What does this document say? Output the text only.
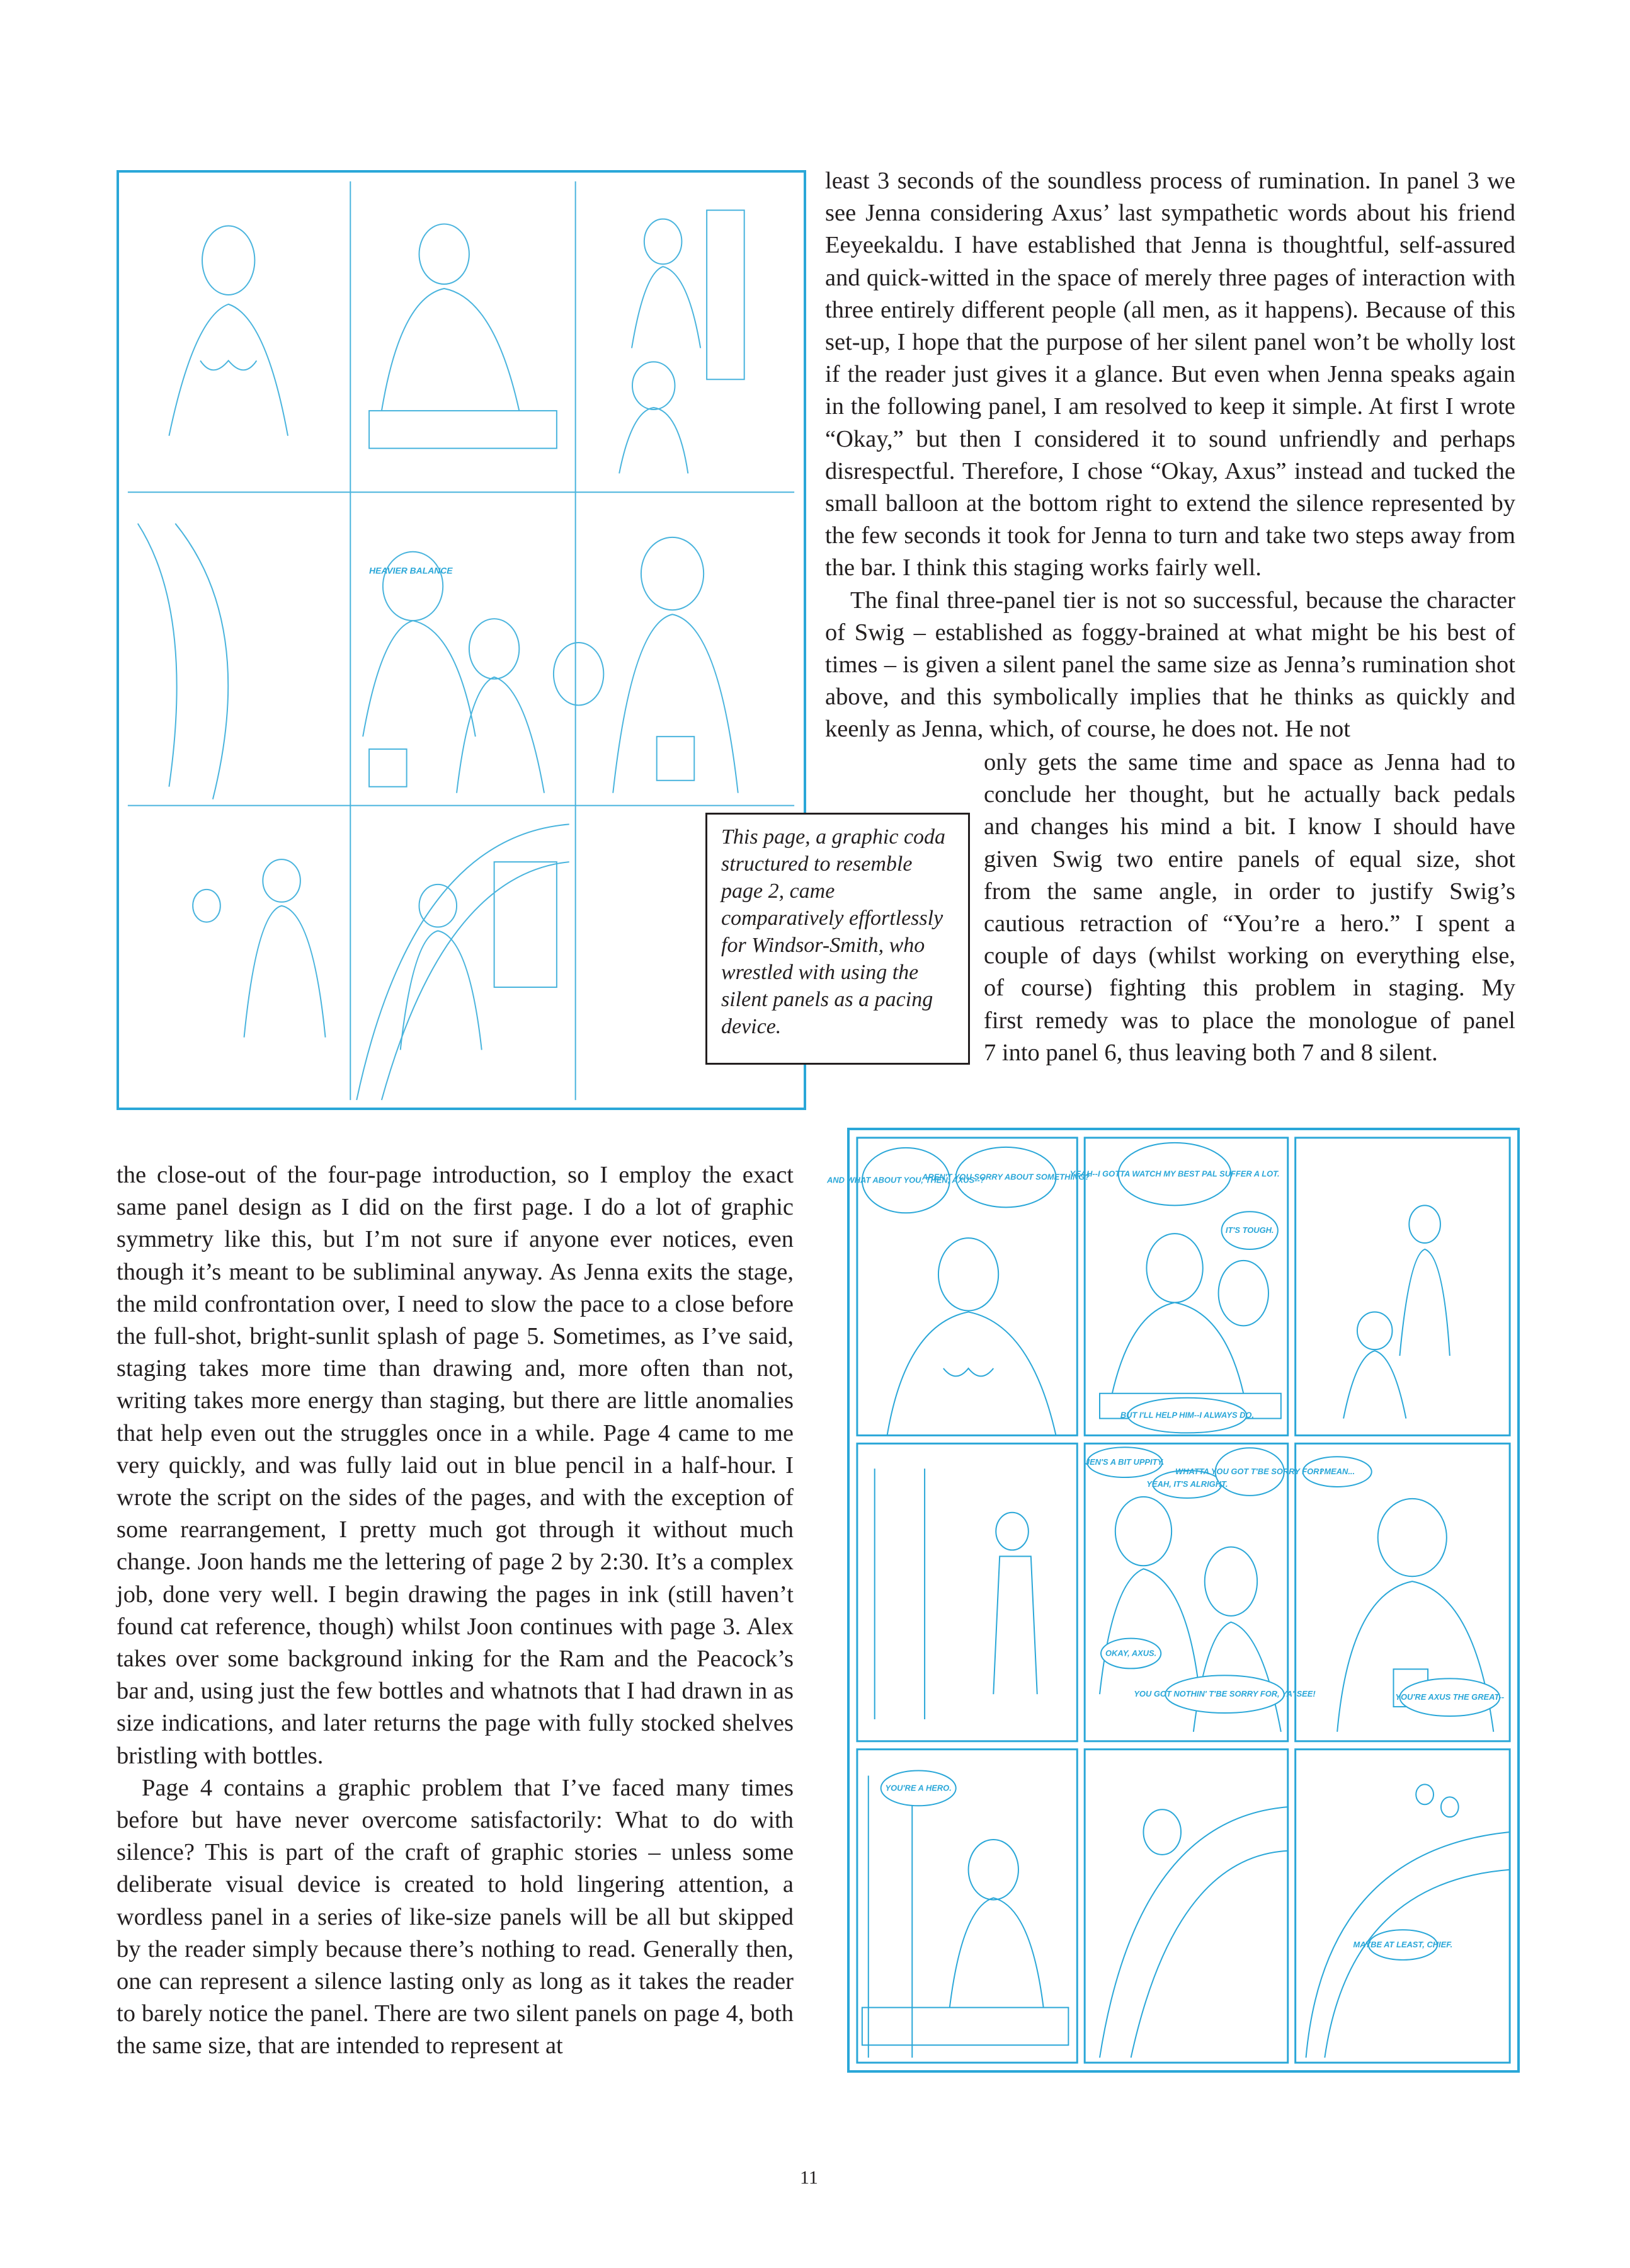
HEAVIER BALANCE
This page, a graphic coda structured to resemble page 2, came comparatively effortlessly for Windsor-Smith, who wrestled with using the silent panels as a pacing device.

least 3 seconds of the soundless process of rumination. In panel 3 we see Jenna considering Axus’ last sympathetic words about his friend Eeyeekaldu. I have established that Jenna is thoughtful, self-assured and quick-witted in the space of merely three pages of interaction with three entirely different people (all men, as it happens). Because of this set-up, I hope that the purpose of her silent panel won’t be wholly lost if the reader just gives it a glance. But even when Jenna speaks again in the following panel, I am resolved to keep it simple. At first I wrote “Okay,” but then I considered it to sound unfriendly and perhaps disrespectful. Therefore, I chose “Okay, Axus” instead and tucked the small balloon at the bottom right to extend the silence represented by the few seconds it took for Jenna to turn and take two steps away from the bar. I think this staging works fairly well.

The final three-panel tier is not so successful, because the character of Swig – established as foggy-brained at what might be his best of times – is given a silent panel the same size as Jenna’s rumination shot above, and this symbolically implies that he thinks as quickly and keenly as Jenna, which, of course, he does not. He not

only gets the same time and space as Jenna had to
conclude her thought, but he actually back pedals
and changes his mind a bit. I know I should have
given Swig two entire panels of equal size, shot
from the same angle, in order to justify Swig’s
cautious retraction of “You’re a hero.” I spent a
couple of days (whilst working on everything else,
of course) fighting this problem in staging. My
first remedy was to place the monologue of panel
7 into panel 6, thus leaving both 7 and 8 silent.

the close-out of the four-page introduction, so I employ the exact same panel design as I did on the first page. I do a lot of graphic symmetry like this, but I’m not sure if anyone ever notices, even though it’s meant to be subliminal anyway. As Jenna exits the stage, the mild confrontation over, I need to slow the pace to a close before the full-shot, bright-sunlit splash of page 5. Sometimes, as I’ve said, staging takes more time than drawing and, more often than not, writing takes more energy than staging, but there are little anomalies that help even out the struggles once in a while. Page 4 came to me very quickly, and was fully laid out in blue pencil in a half-hour. I wrote the script on the sides of the pages, and with the exception of some rearrangement, I pretty much got through it without much change. Joon hands me the lettering of page 2 by 2:30. It’s a complex job, done very well. I begin drawing the pages in ink (still haven’t found cat reference, though) whilst Joon continues with page 3. Alex takes over some background inking for the Ram and the Peacock’s bar and, using just the few bottles and whatnots that I had drawn in as size indications, and later returns the page with fully stocked shelves bristling with bottles.

Page 4 contains a graphic problem that I’ve faced many times before but have never overcome satisfactorily: What to do with silence? This is part of the craft of graphic stories – unless some deliberate visual device is created to hold lingering attention, a wordless panel in a series of like-size panels will be all but skipped by the reader simply because there’s nothing to read. Generally then, one can represent a silence lasting only as long as it takes the reader to barely notice the panel. There are two silent panels on page 4, both the same size, that are intended to represent at

AND WHAT ABOUT YOU, THEN, AXUS--?
AREN'T YOU SORRY ABOUT SOMETHING?
YEAH--I GOTTA WATCH MY BEST PAL SUFFER A LOT.
IT'S TOUGH.
BUT I'LL HELP HIM--I ALWAYS DO.
JEN'S A BIT UPPITY.
YEAH, IT'S ALRIGHT.
WHATTA YOU GOT T'BE SORRY FOR?
I MEAN...
OKAY, AXUS.
YOU GOT NOTHIN' T'BE SORRY FOR, YA' SEE!	YOU'RE AXUS THE GREAT--
YOU'RE A HERO.
MAYBE AT LEAST, CHIEF.
11
